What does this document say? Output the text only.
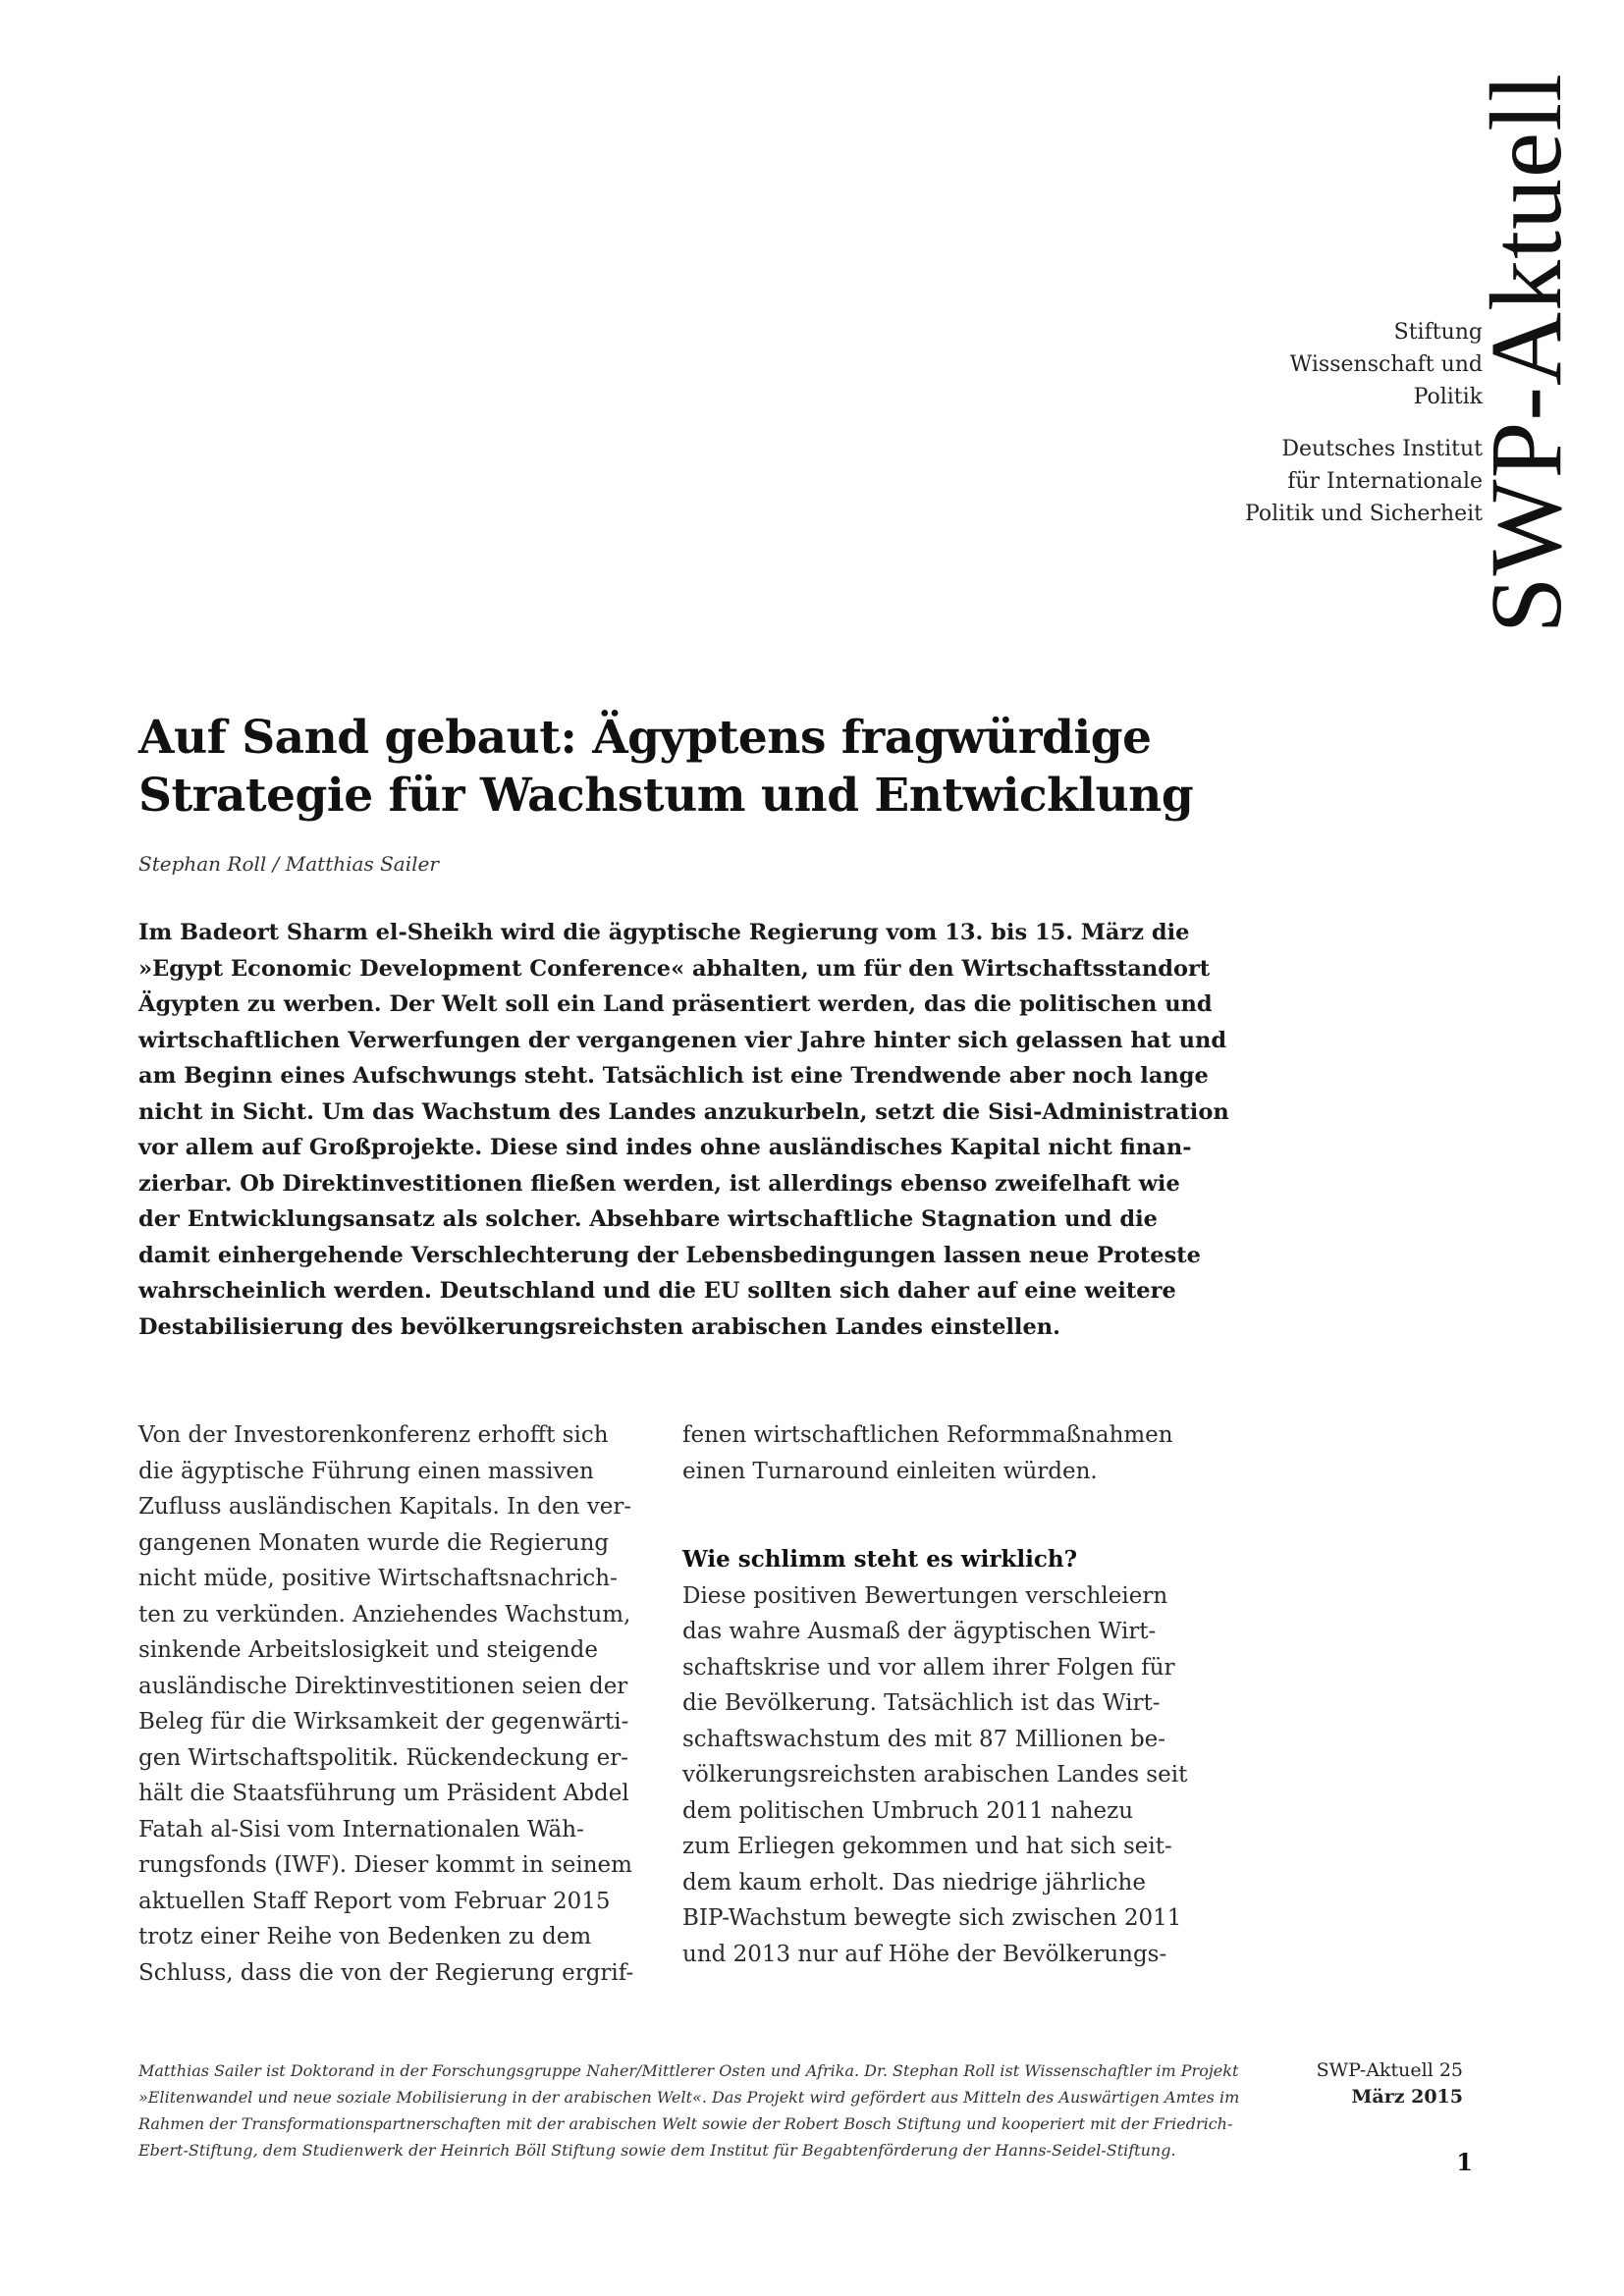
SWP-Aktuell

Stiftung
Wissenschaft und
Politik

Deutsches Institut
für Internationale
Politik und Sicherheit

Auf Sand gebaut: Ägyptens fragwürdige
Strategie für Wachstum und Entwicklung
Stephan Roll / Matthias Sailer
Im Badeort Sharm el-Sheikh wird die ägyptische Regierung vom 13. bis 15. März die
»Egypt Economic Development Conference« abhalten, um für den Wirtschaftsstandort
Ägypten zu werben. Der Welt soll ein Land präsentiert werden, das die politischen und
wirtschaftlichen Verwerfungen der vergangenen vier Jahre hinter sich gelassen hat und
am Beginn eines Aufschwungs steht. Tatsächlich ist eine Trendwende aber noch lange
nicht in Sicht. Um das Wachstum des Landes anzukurbeln, setzt die Sisi-Administration
vor allem auf Großprojekte. Diese sind indes ohne ausländisches Kapital nicht finan-
zierbar. Ob Direktinvestitionen fließen werden, ist allerdings ebenso zweifelhaft wie
der Entwicklungsansatz als solcher. Absehbare wirtschaftliche Stagnation und die
damit einhergehende Verschlechterung der Lebensbedingungen lassen neue Proteste
wahrscheinlich werden. Deutschland und die EU sollten sich daher auf eine weitere
Destabilisierung des bevölkerungsreichsten arabischen Landes einstellen.
Von der Investorenkonferenz erhofft sich
die ägyptische Führung einen massiven
Zufluss ausländischen Kapitals. In den ver-
gangenen Monaten wurde die Regierung
nicht müde, positive Wirtschaftsnachrich-
ten zu verkünden. Anziehendes Wachstum,
sinkende Arbeitslosigkeit und steigende
ausländische Direktinvestitionen seien der
Beleg für die Wirksamkeit der gegenwärti-
gen Wirtschaftspolitik. Rückendeckung er-
hält die Staatsführung um Präsident Abdel
Fatah al-Sisi vom Internationalen Wäh-
rungsfonds (IWF). Dieser kommt in seinem
aktuellen Staff Report vom Februar 2015
trotz einer Reihe von Bedenken zu dem
Schluss, dass die von der Regierung ergrif-
fenen wirtschaftlichen Reformmaßnahmen
einen Turnaround einleiten würden.
Wie schlimm steht es wirklich?
Diese positiven Bewertungen verschleiern
das wahre Ausmaß der ägyptischen Wirt-
schaftskrise und vor allem ihrer Folgen für
die Bevölkerung. Tatsächlich ist das Wirt-
schaftswachstum des mit 87 Millionen be-
völkerungsreichsten arabischen Landes seit
dem politischen Umbruch 2011 nahezu
zum Erliegen gekommen und hat sich seit-
dem kaum erholt. Das niedrige jährliche
BIP-Wachstum bewegte sich zwischen 2011
und 2013 nur auf Höhe der Bevölkerungs-
Matthias Sailer ist Doktorand in der Forschungsgruppe Naher/Mittlerer Osten und Afrika. Dr. Stephan Roll ist Wissenschaftler im Projekt
»Elitenwandel und neue soziale Mobilisierung in der arabischen Welt«. Das Projekt wird gefördert aus Mitteln des Auswärtigen Amtes im
Rahmen der Transformationspartnerschaften mit der arabischen Welt sowie der Robert Bosch Stiftung und kooperiert mit der Friedrich-
Ebert-Stiftung, dem Studienwerk der Heinrich Böll Stiftung sowie dem Institut für Begabtenförderung der Hanns-Seidel-Stiftung.
SWP-Aktuell 25
März 2015
1
